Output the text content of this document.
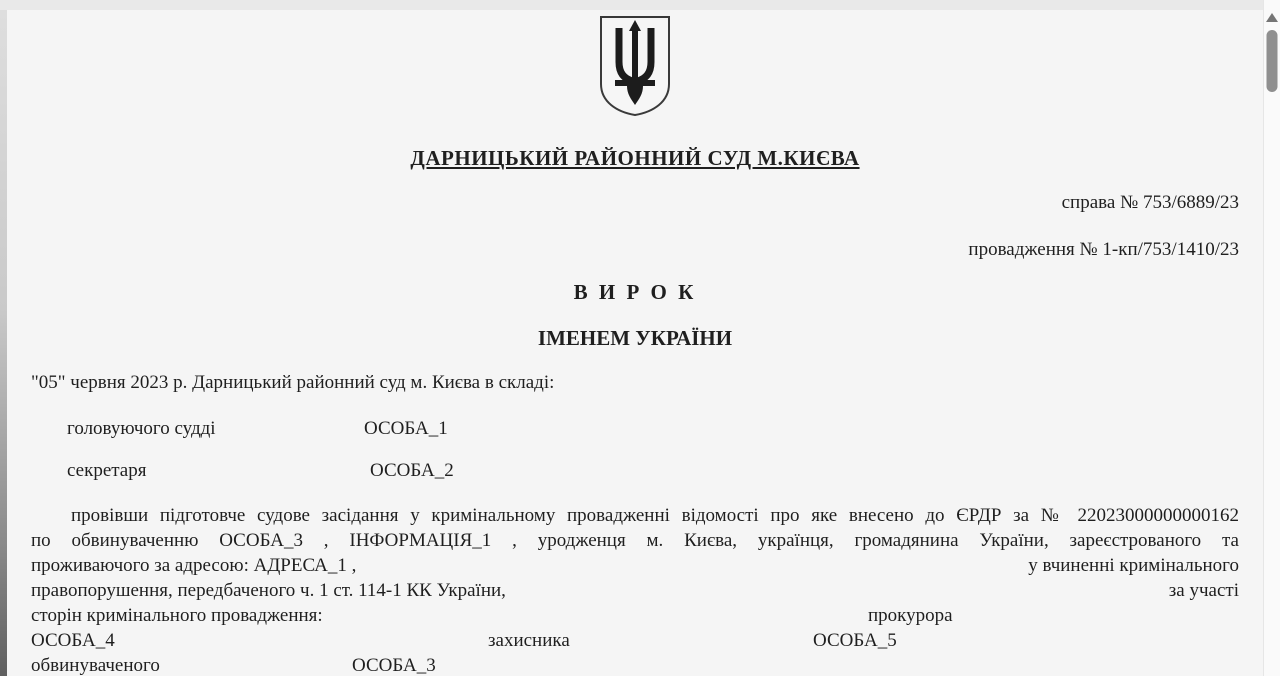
ДАРНИЦЬКИЙ РАЙОННИЙ СУД М.КИЄВА
справа № 753/6889/23
провадження № 1-кп/753/1410/23
В И Р О К
ІМЕНЕМ УКРАЇНИ
"05" червня 2023 р. Дарницький районний суд м. Києва в складі:
головуючого судді	ОСОБА_1
секретаря	ОСОБА_2
провівши підготовче судове засідання у кримінальному провадженні відомості про яке внесено до ЄРДР за № 22023000000000162
по обвинуваченню ОСОБА_3 , ІНФОРМАЦІЯ_1 , уродженця м. Києва, українця, громадянина України, зареєстрованого та
проживаючого за адресою: АДРЕСА_1 ,	у вчиненні кримінального
правопорушення, передбаченого ч. 1 ст. 114-1 КК України,	за участі
сторін кримінального провадження:	прокурора
ОСОБА_4	захисника	ОСОБА_5
обвинуваченого	ОСОБА_3
